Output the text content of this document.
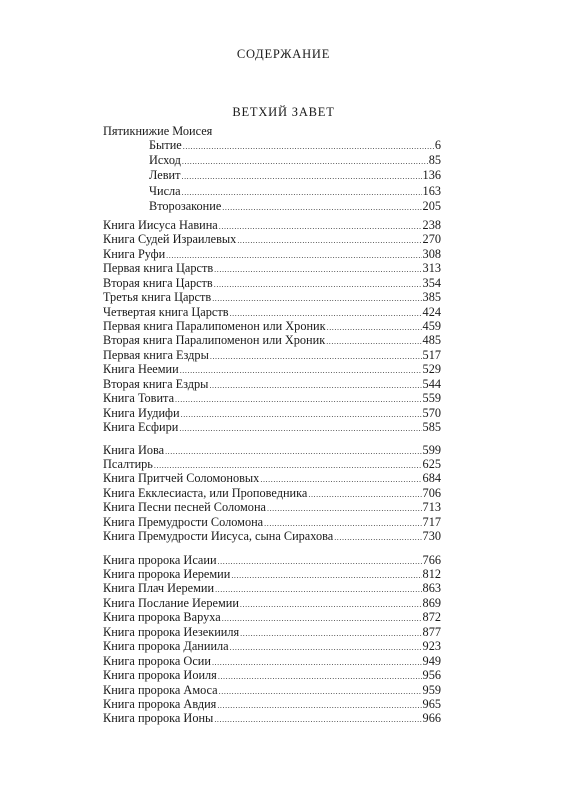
СОДЕРЖАНИЕ
ВЕТХИЙ ЗАВЕТ
Пятикнижие Моисея
Бытие .....	6
Исход .....	85
Левит .....	136
Числа .....	163
Второзаконие .....	205
Книга Иисуса Навина .....	238
Книга Судей Израилевых .....	270
Книга Руфи .....	308
Первая книга Царств .....	313
Вторая книга Царств .....	354
Третья книга Царств .....	385
Четвертая книга Царств .....	424
Первая книга Паралипоменон или Хроник .....	459
Вторая книга Паралипоменон или Хроник .....	485
Первая книга Ездры .....	517
Книга Неемии .....	529
Вторая книга Ездры .....	544
Книга Товита .....	559
Книга Иудифи .....	570
Книга Есфири .....	585
Книга Иова .....	599
Псалтирь .....	625
Книга Притчей Соломоновых .....	684
Книга Екклесиаста, или Проповедника .....	706
Книга Песни песней Соломона .....	713
Книга Премудрости Соломона .....	717
Книга Премудрости Иисуса, сына Сирахова .....	730
Книга пророка Исаии .....	766
Книга пророка Иеремии .....	812
Книга Плач Иеремии .....	863
Книга Послание Иеремии .....	869
Книга пророка Варуха .....	872
Книга пророка Иезекииля .....	877
Книга пророка Даниила .....	923
Книга пророка Осии .....	949
Книга пророка Иоиля .....	956
Книга пророка Амоса .....	959
Книга пророка Авдия .....	965
Книга пророка Ионы .....	966
